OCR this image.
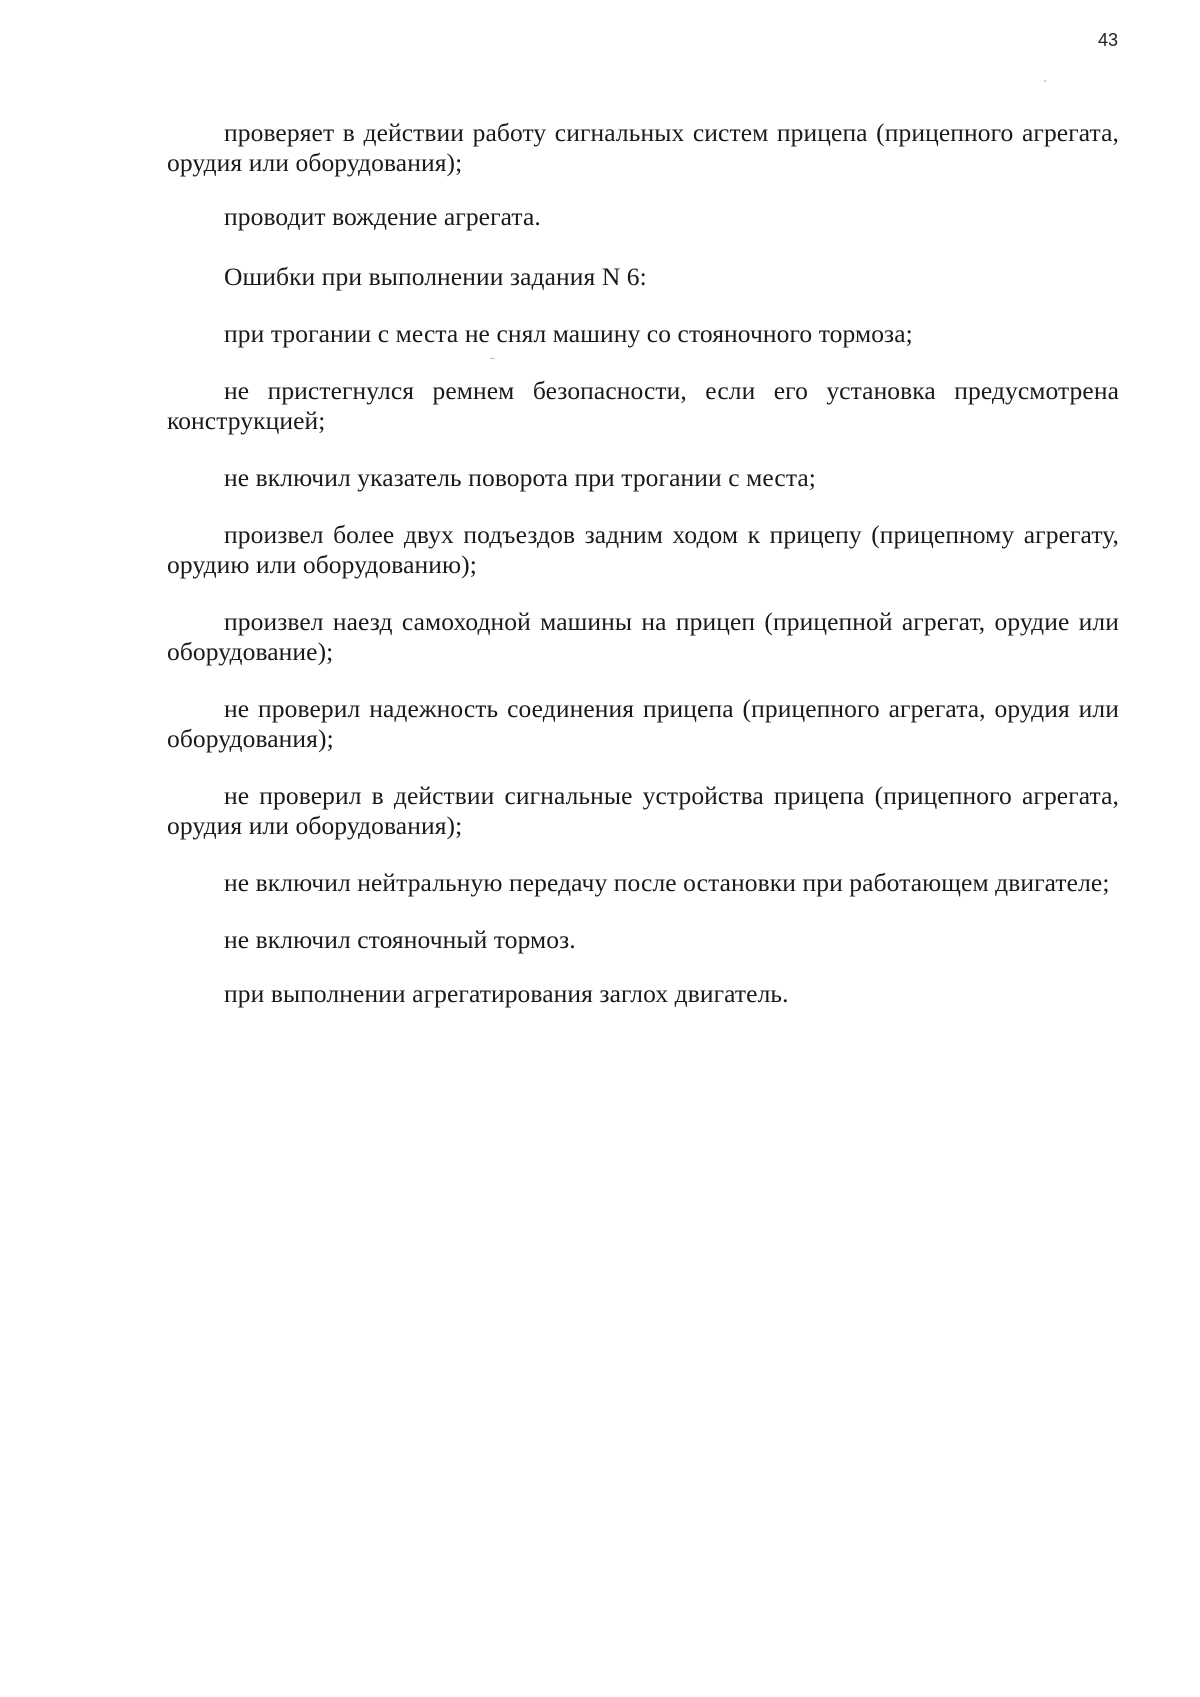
43

проверяет в действии работу сигнальных систем прицепа (прицепного агрегата, орудия или оборудования);

проводит вождение агрегата.

Ошибки при выполнении задания N 6:

при трогании с места не снял машину со стояночного тормоза;

не пристегнулся ремнем безопасности, если его установка предусмотрена конструкцией;

не включил указатель поворота при трогании с места;

произвел более двух подъездов задним ходом к прицепу (прицепному агрегату, орудию или оборудованию);

произвел наезд самоходной машины на прицеп (прицепной агрегат, орудие или оборудование);

не проверил надежность соединения прицепа (прицепного агрегата, орудия или оборудования);

не проверил в действии сигнальные устройства прицепа (прицепного агрегата, орудия или оборудования);

не включил нейтральную передачу после остановки при работающем двигателе;

не включил стояночный тормоз.

при выполнении агрегатирования заглох двигатель.
